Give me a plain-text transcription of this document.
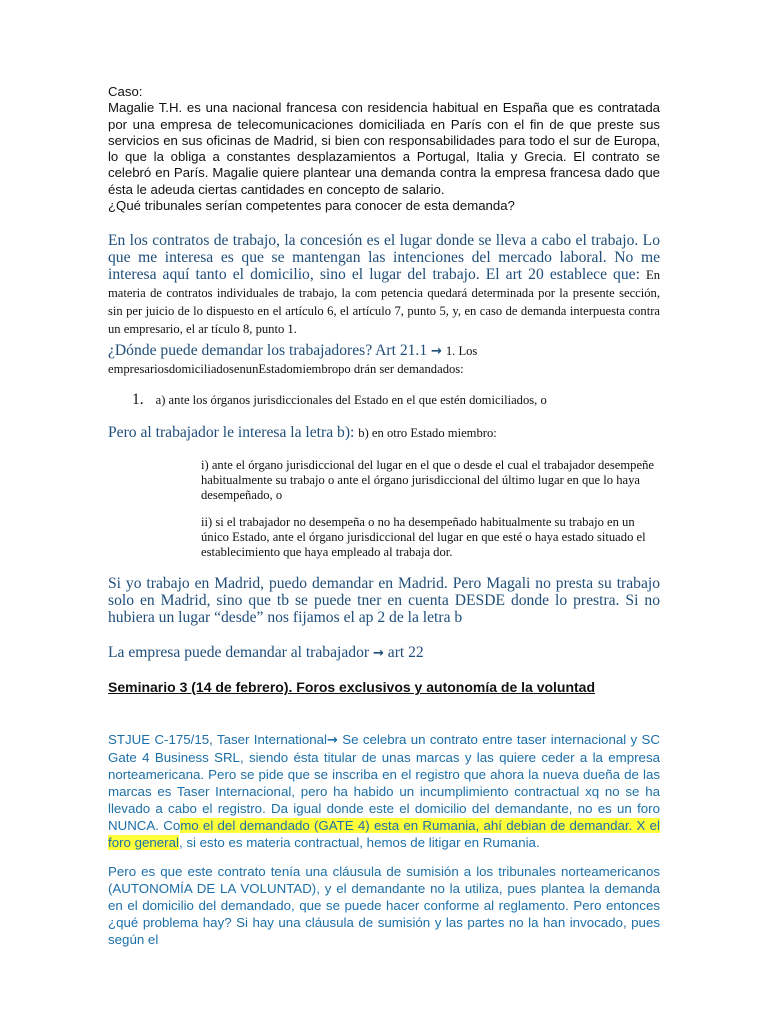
Caso:

Magalie T.H. es una nacional francesa con residencia habitual en España que es contratada por una empresa de telecomunicaciones domiciliada en París con el fin de que preste sus servicios en sus oficinas de Madrid, si bien con responsabilidades para todo el sur de Europa, lo que la obliga a constantes desplazamientos a Portugal, Italia y Grecia. El contrato se celebró en París. Magalie quiere plantear una demanda contra la empresa francesa dado que ésta le adeuda ciertas cantidades en concepto de salario.

¿Qué tribunales serían competentes para conocer de esta demanda?

En los contratos de trabajo, la concesión es el lugar donde se lleva a cabo el trabajo. Lo que me interesa es que se mantengan las intenciones del mercado laboral. No me interesa aquí tanto el domicilio, sino el lugar del trabajo. El art 20 establece que: En materia de contratos individuales de trabajo, la com petencia quedará determinada por la presente sección, sin per juicio de lo dispuesto en el artículo 6, el artículo 7, punto 5, y, en caso de demanda interpuesta contra un empresario, el ar tículo 8, punto 1.
¿Dónde puede demandar los trabajadores? Art 21.1 → 1. Los empresariosdomiciliadosenunEstadomiembropo drán ser demandados:
1. a) ante los órganos jurisdiccionales del Estado en el que estén domiciliados, o
Pero al trabajador le interesa la letra b): b) en otro Estado miembro:
i) ante el órgano jurisdiccional del lugar en el que o desde el cual el trabajador desempeñe habitualmente su trabajo o ante el órgano jurisdiccional del último lugar en que lo haya desempeñado, o
ii) si el trabajador no desempeña o no ha desempeñado habitualmente su trabajo en un único Estado, ante el órgano jurisdiccional del lugar en que esté o haya estado situado el establecimiento que haya empleado al trabaja dor.
Si yo trabajo en Madrid, puedo demandar en Madrid. Pero Magali no presta su trabajo solo en Madrid, sino que tb se puede tner en cuenta DESDE donde lo prestra. Si no hubiera un lugar “desde” nos fijamos el ap 2 de la letra b
La empresa puede demandar al trabajador → art 22
Seminario 3 (14 de febrero). Foros exclusivos y autonomía de la voluntad
STJUE C-175/15, Taser International→ Se celebra un contrato entre taser internacional y SC Gate 4 Business SRL, siendo ésta titular de unas marcas y las quiere ceder a la empresa norteamericana. Pero se pide que se inscriba en el registro que ahora la nueva dueña de las marcas es Taser Internacional, pero ha habido un incumplimiento contractual xq no se ha llevado a cabo el registro. Da igual donde este el domicilio del demandante, no es un foro NUNCA. Como el del demandado (GATE 4) esta en Rumania, ahí debian de demandar. X el foro general, si esto es materia contractual, hemos de litigar en Rumania.
Pero es que este contrato tenía una cláusula de sumisión a los tribunales norteamericanos (AUTONOMÍA DE LA VOLUNTAD), y el demandante no la utiliza, pues plantea la demanda en el domicilio del demandado, que se puede hacer conforme al reglamento. Pero entonces ¿qué problema hay? Si hay una cláusula de sumisión y las partes no la han invocado, pues según el
